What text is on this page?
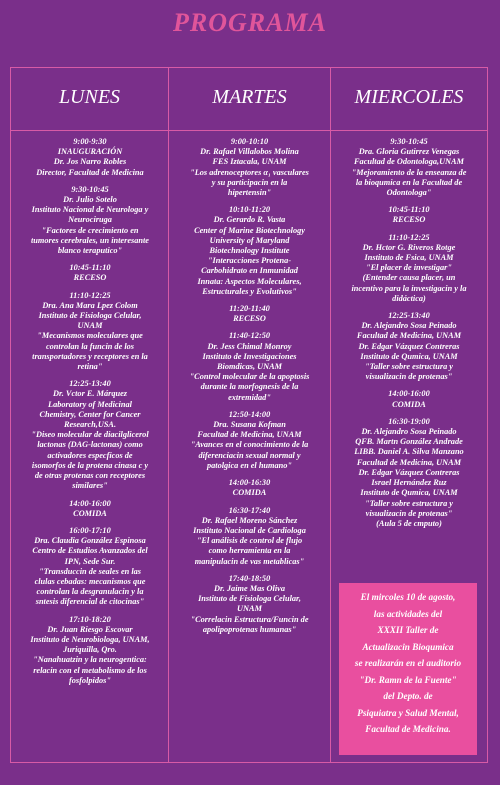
PROGRAMA
LUNES	MARTES	MIERCOLES
9:00-9:30
INAUGURACIÓN
Dr. Jos Narro Robles
Director, Facultad de Medicina
9:30-10:45
Dr. Julio Sotelo
Instituto Nacional de Neurologa y
Neurociruga
"Factores de crecimiento en
tumores cerebrales, un interesante
blanco teraputico"
10:45-11:10
RECESO
11:10-12:25
Dra. Ana Mara Lpez Colom
Instituto de Fisiologa Celular,
UNAM
"Mecanismos moleculares que
controlan la funcin de los
transportadores y receptores en la
retina"
12:25-13:40
Dr. Vctor E. Márquez
Laboratory of Medicinal
Chemistry, Center for Cancer
Research,USA.
"Diseo molecular de diacilglicerol
lactonas (DAG-lactonas) como
activadores especficos de
isomorfos de la protena cinasa c y
de otras protenas con receptores
similares"
14:00-16:00
COMIDA
16:00-17:10
Dra. Claudia González Espinosa
Centro de Estudios Avanzados del
IPN, Sede Sur.
"Transduccin de seales en las
clulas cebadas: mecanismos que
controlan la desgranulacin y la
sntesis diferencial de citocinas"
17:10-18:20
Dr. Juan Riesgo Escovar
Instituto de Neurobiologa, UNAM,
Juriquilla, Qro.
"Nanahuatzin y la neurogentica:
relacin con el metabolismo de los
fosfolpidos"
9:00-10:10
Dr. Rafael Villalobos Molina
FES Iztacala, UNAM
"Los adrenoceptores α₁ vasculares
y su participacin en la
hipertensin"
10:10-11:20
Dr. Gerardo R. Vasta
Center of Marine Biotechnology
University of Maryland
Biotechnology Institute
"Interacciones Protena-
Carbohidrato en Inmunidad
Innata: Aspectos Moleculares,
Estructurales y Evolutivos"
11:20-11:40
RECESO
11:40-12:50
Dr. Jess Chimal Monroy
Instituto de Investigaciones
Biomdicas, UNAM
"Control molecular de la apoptosis
durante la morfognesis de la
extremidad"
12:50-14:00
Dra. Susana Kofman
Facultad de Medicina, UNAM
"Avances en el conocimiento de la
diferenciacin sexual normal y
patolgica en el humano"
14:00-16:30
COMIDA
16:30-17:40
Dr. Rafael Moreno Sánchez
Instituto Nacional de Cardiologa
"El análisis de control de flujo
como herramienta en la
manipulacin de vas metablicas"
17:40-18:50
Dr. Jaime Mas Oliva
Instituto de Fisiologa Celular,
UNAM
"Correlacin Estructura/Funcin de
apolipoprotenas humanas"
9:30-10:45
Dra. Gloria Gutirrez Venegas
Facultad de Odontologa,UNAM
"Mejoramiento de la enseanza de
la bioqumica en la Facultad de
Odontologa"
10:45-11:10
RECESO
11:10-12:25
Dr. Hctor G. Riveros Rotge
Instituto de Fsica, UNAM
"El placer de investigar"
(Entender causa placer, un
incentivo para la investigacin y la
didáctica)
12:25-13:40
Dr. Alejandro Sosa Peinado
Facultad de Medicina, UNAM
Dr. Edgar Vázquez Contreras
Instituto de Qumica, UNAM
"Taller sobre estructura y
visualizacin de protenas"
14:00-16:00
COMIDA
16:30-19:00
Dr. Alejandro Sosa Peinado
QFB. Martn González Andrade
LIBB. Daniel A. Silva Manzano
Facultad de Medicina, UNAM
Dr. Edgar Vázquez Contreras
Israel Hernández Ruz
Instituto de Qumica, UNAM
"Taller sobre estructura y
visualizacin de protenas"
(Aula 5 de cmputo)
El mircoles 10 de agosto,
las actividades del
XXXII Taller de
Actualizacin Bioqumica
se realizarán en el auditorio
"Dr. Ramn de la Fuente"
del Depto. de
Psiquiatra y Salud Mental,
Facultad de Medicina.
